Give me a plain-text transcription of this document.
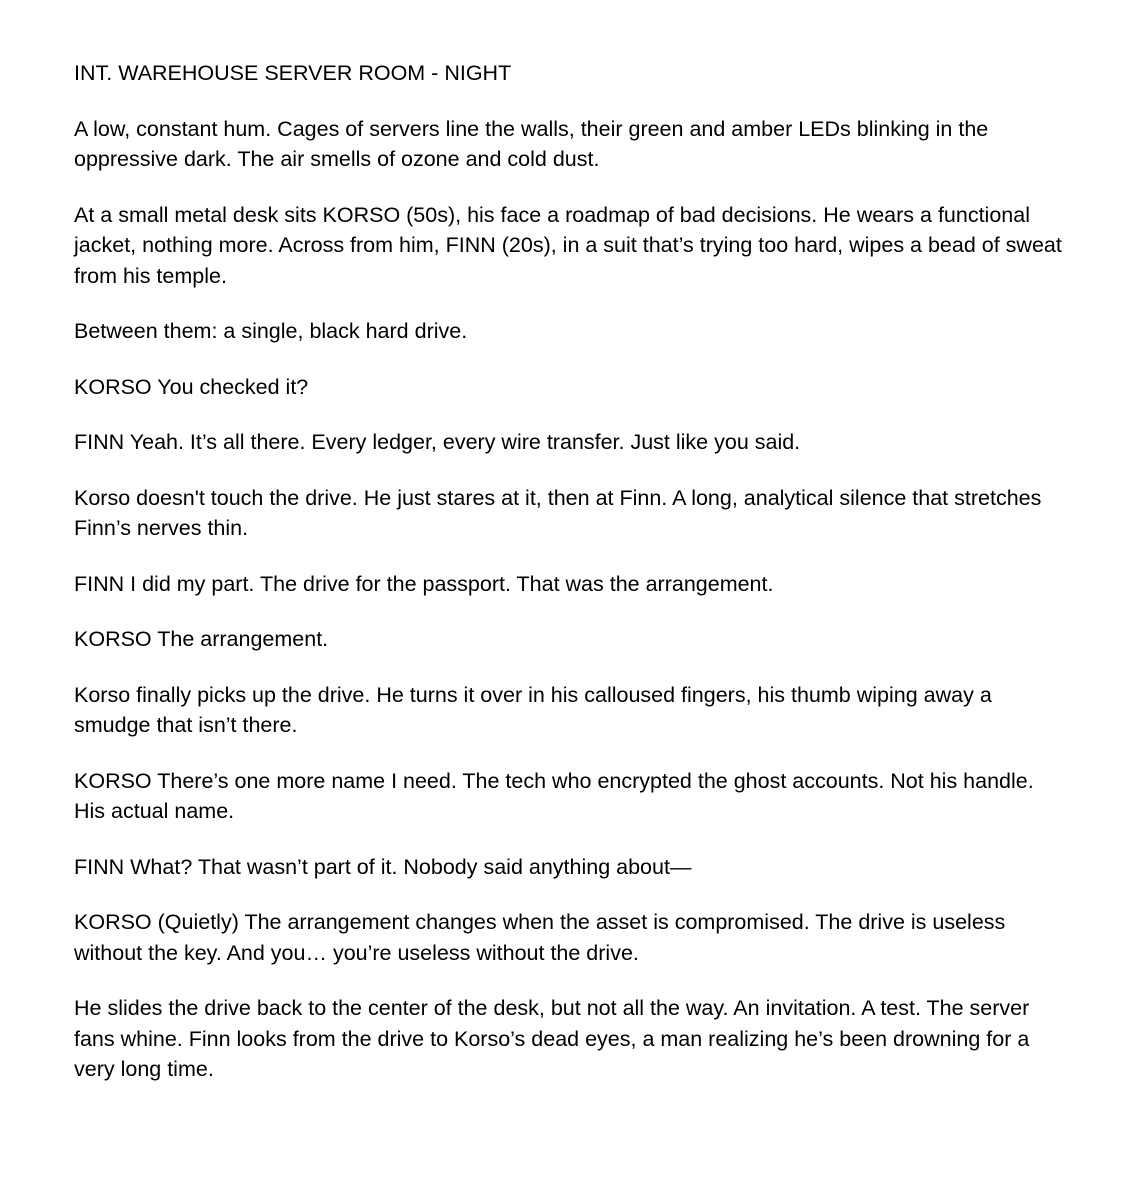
INT. WAREHOUSE SERVER ROOM - NIGHT

A low, constant hum. Cages of servers line the walls, their green and amber LEDs blinking in the oppressive dark. The air smells of ozone and cold dust.

At a small metal desk sits KORSO (50s), his face a roadmap of bad decisions. He wears a functional jacket, nothing more. Across from him, FINN (20s), in a suit that’s trying too hard, wipes a bead of sweat from his temple.

Between them: a single, black hard drive.

KORSO You checked it?

FINN Yeah. It’s all there. Every ledger, every wire transfer. Just like you said.

Korso doesn't touch the drive. He just stares at it, then at Finn. A long, analytical silence that stretches Finn’s nerves thin.

FINN I did my part. The drive for the passport. That was the arrangement.

KORSO The arrangement.

Korso finally picks up the drive. He turns it over in his calloused fingers, his thumb wiping away a smudge that isn’t there.

KORSO There’s one more name I need. The tech who encrypted the ghost accounts. Not his handle. His actual name.

FINN What? That wasn’t part of it. Nobody said anything about—

KORSO (Quietly) The arrangement changes when the asset is compromised. The drive is useless without the key. And you… you’re useless without the drive.

He slides the drive back to the center of the desk, but not all the way. An invitation. A test. The server fans whine. Finn looks from the drive to Korso’s dead eyes, a man realizing he’s been drowning for a very long time.
